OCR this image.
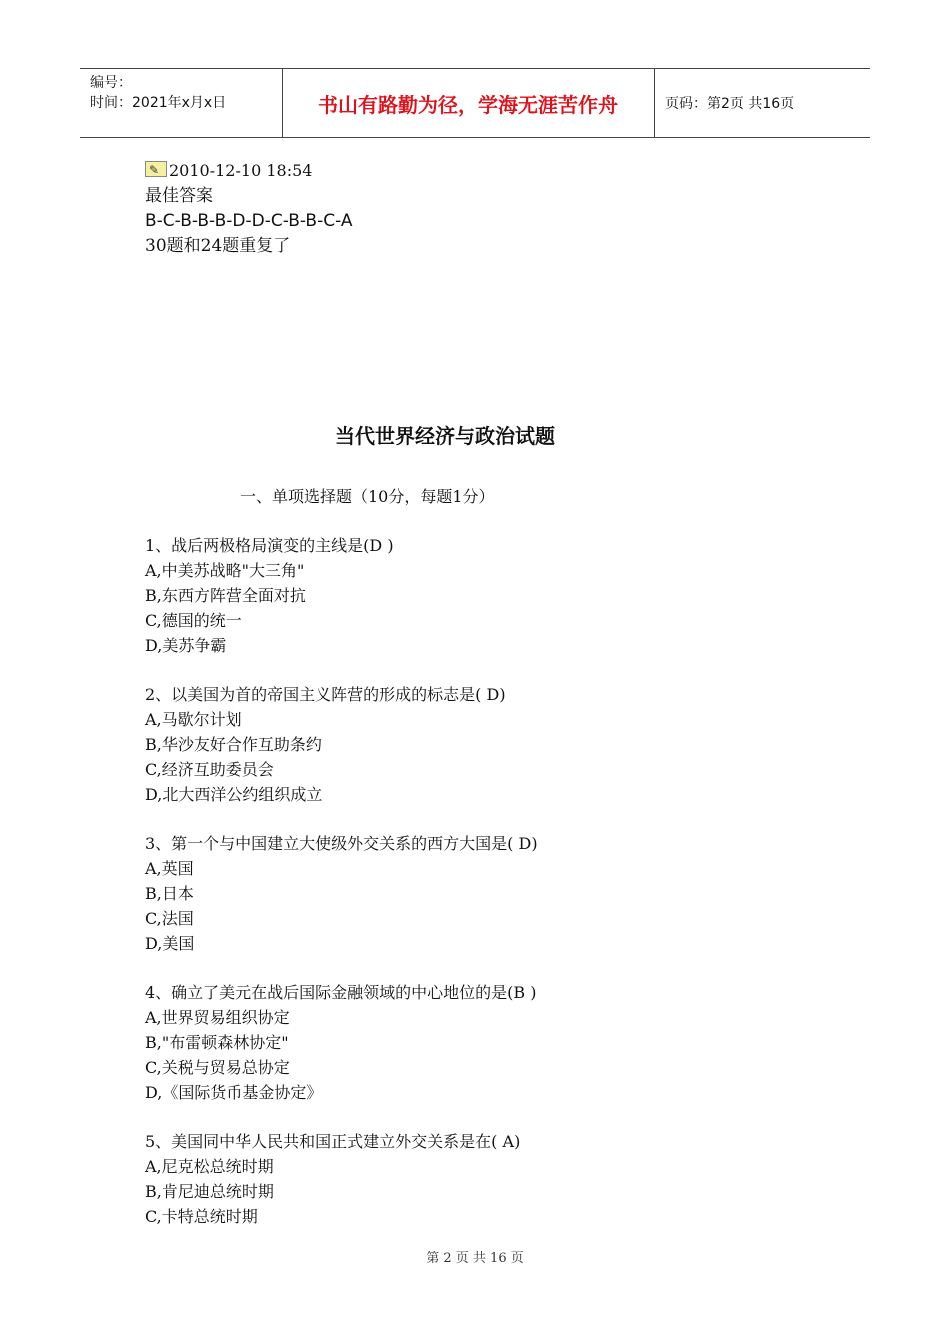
编号：
时间：2021年x月x日	书山有路勤为径，学海无涯苦作舟	页码：第2页 共16页
✎2010-12-10 18:54
最佳答案
B-C-B-B-B-D-D-C-B-B-C-A
30题和24题重复了
当代世界经济与政治试题
一、单项选择题（10分，每题1分）
1、战后两极格局演变的主线是(D )
A,中美苏战略"大三角"
B,东西方阵营全面对抗
C,德国的统一
D,美苏争霸
2、以美国为首的帝国主义阵营的形成的标志是( D)
A,马歇尔计划
B,华沙友好合作互助条约
C,经济互助委员会
D,北大西洋公约组织成立
3、第一个与中国建立大使级外交关系的西方大国是( D)
A,英国
B,日本
C,法国
D,美国
4、确立了美元在战后国际金融领域的中心地位的是(B )
A,世界贸易组织协定
B,"布雷顿森林协定"
C,关税与贸易总协定
D,《国际货币基金协定》
5、美国同中华人民共和国正式建立外交关系是在( A)
A,尼克松总统时期
B,肯尼迪总统时期
C,卡特总统时期
第 2 页 共 16 页
